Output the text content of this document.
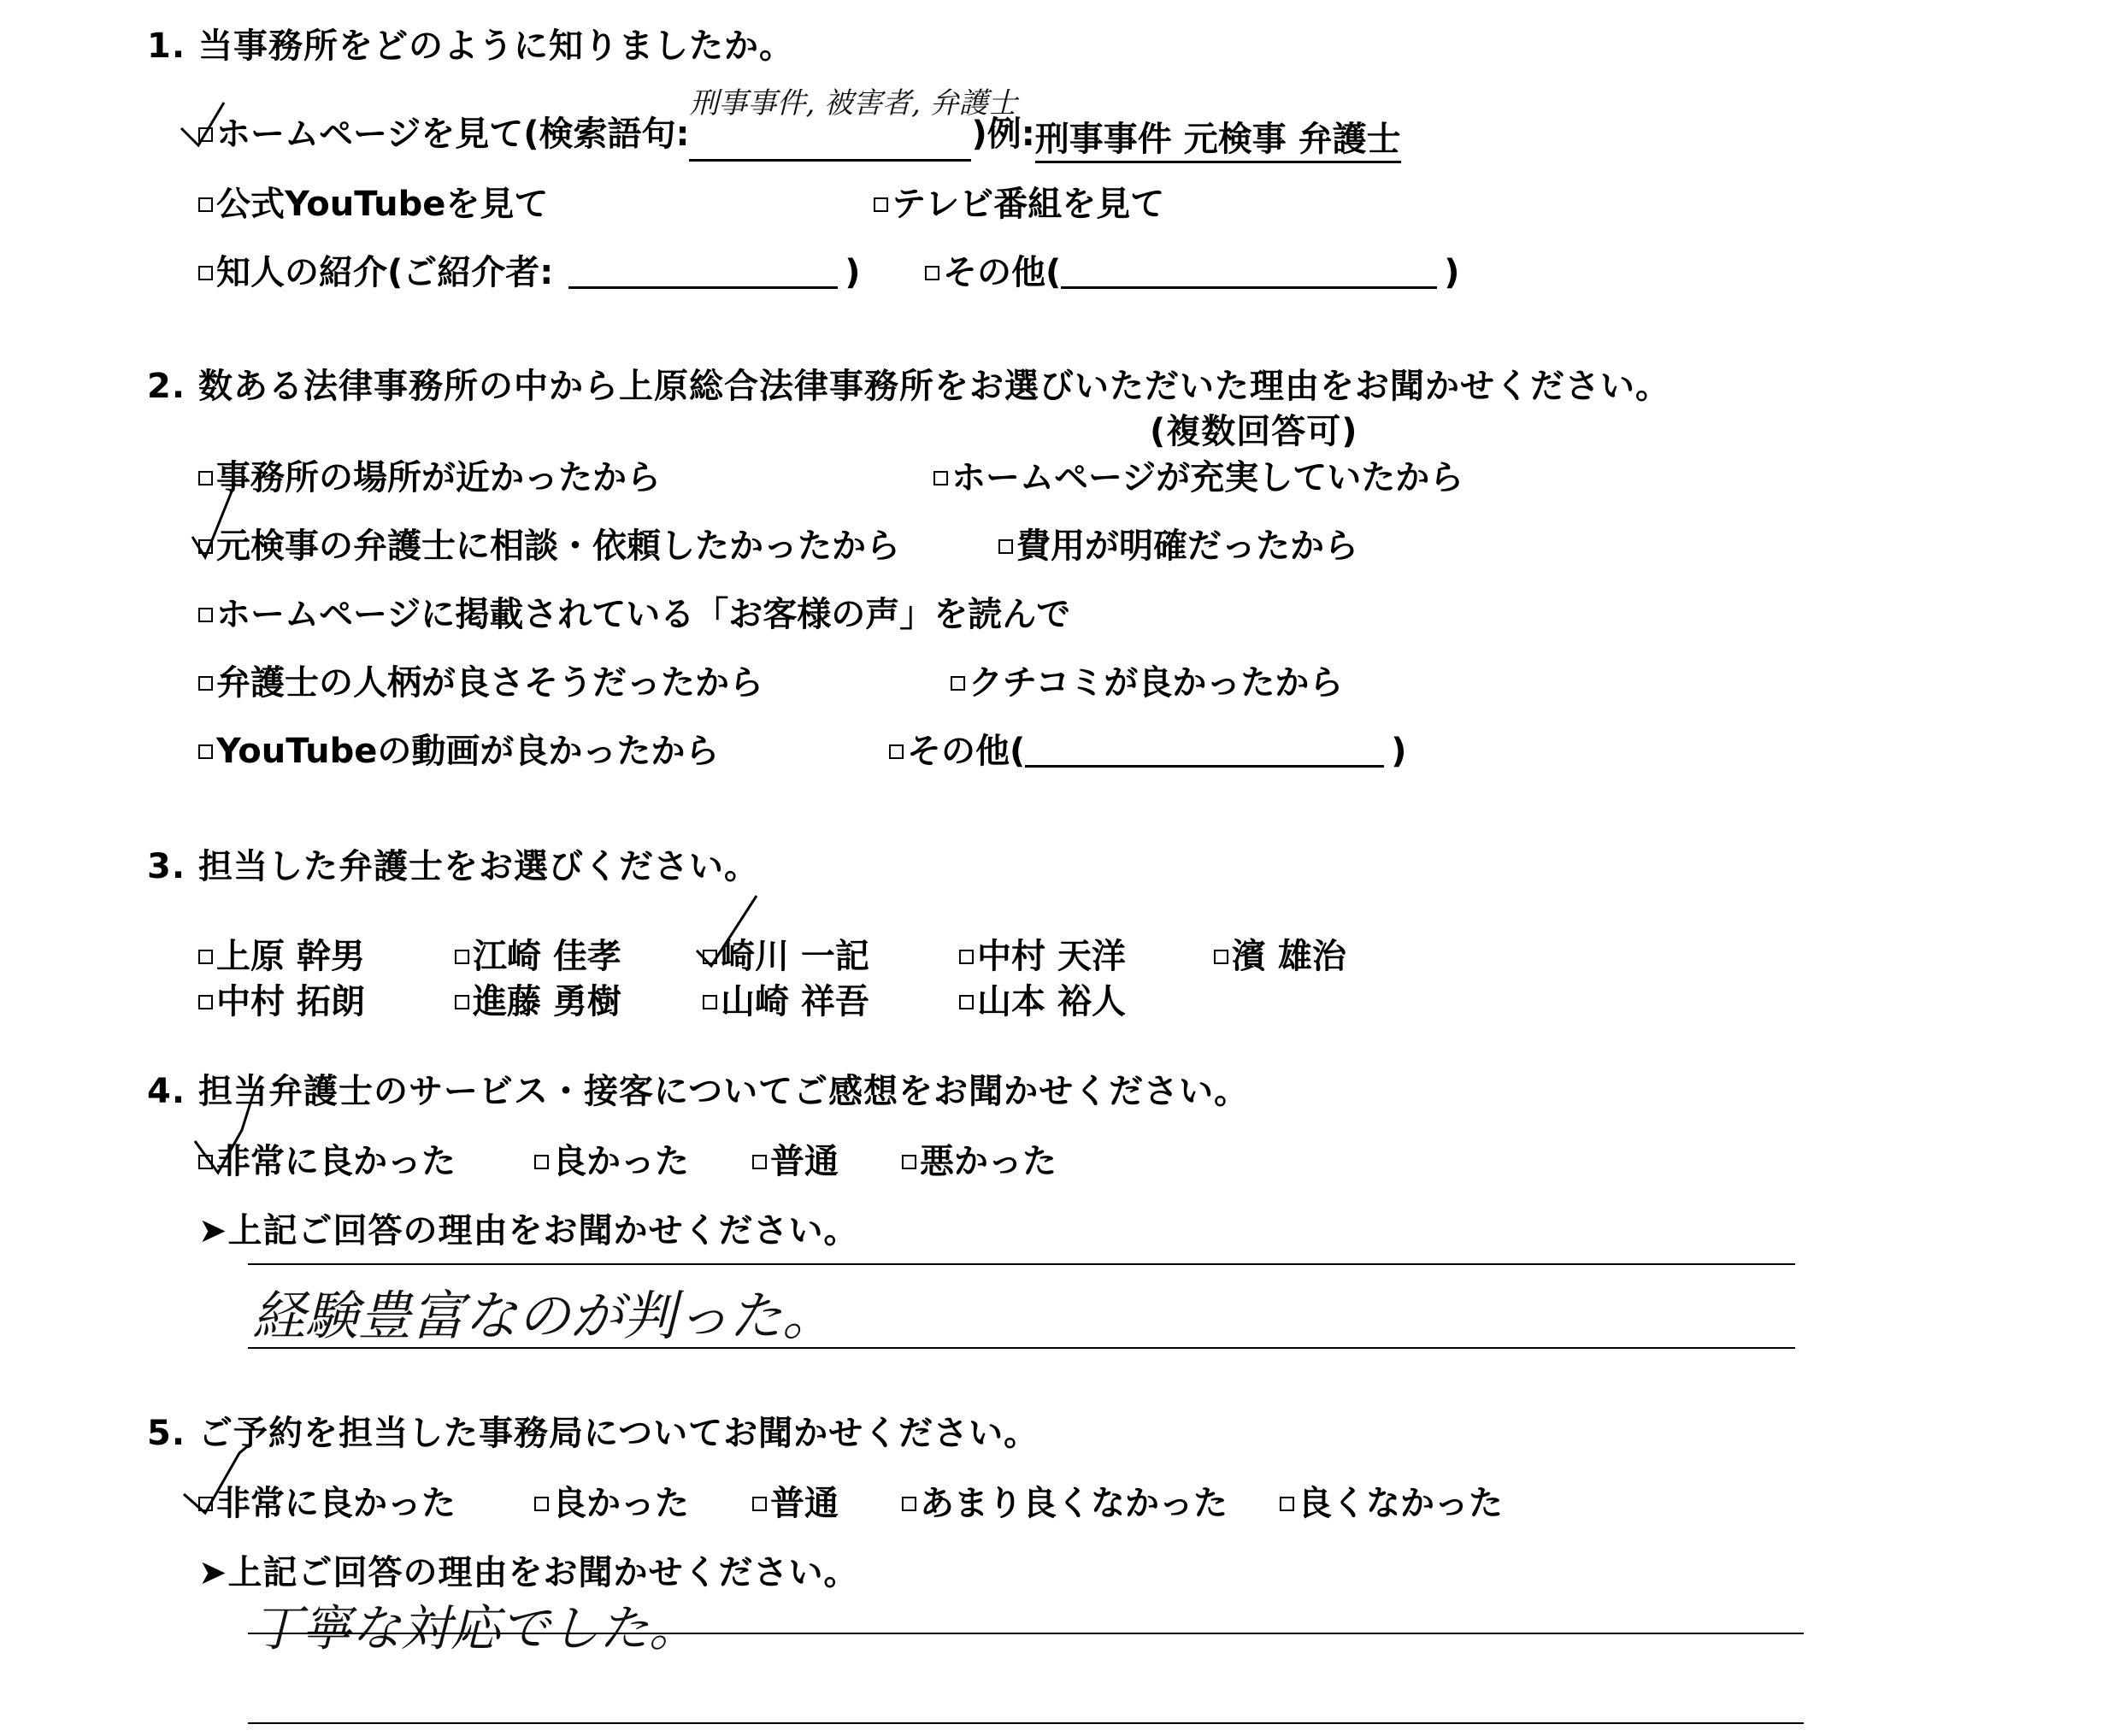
1. 当事務所をどのように知りましたか。
ホームページを見て(検索語句:$^{刑事事件, 被害者, 弁護士}$)例:刑事事件 元検事 弁護士
公式YouTubeを見て	テレビ番組を見て
知人の紹介(ご紹介者:	)	その他(	)
2. 数ある法律事務所の中から上原総合法律事務所をお選びいただいた理由をお聞かせください。
(複数回答可)
事務所の場所が近かったから	ホームページが充実していたから
元検事の弁護士に相談・依頼したかったから	費用が明確だったから
ホームページに掲載されている「お客様の声」を読んで
弁護士の人柄が良さそうだったから	クチコミが良かったから
YouTubeの動画が良かったから	その他(	)
3. 担当した弁護士をお選びください。
上原 幹男	江崎 佳孝	崎川 一記	中村 天洋	濱 雄治
中村 拓朗	進藤 勇樹	山崎 祥吾	山本 裕人
4. 担当弁護士のサービス・接客についてご感想をお聞かせください。
非常に良かった	良かった	普通	悪かった
➤上記ご回答の理由をお聞かせください。
経験豊富なのが判った。
5. ご予約を担当した事務局についてお聞かせください。
非常に良かった	良かった	普通	あまり良くなかった	良くなかった
➤上記ご回答の理由をお聞かせください。
丁寧な対応でした。
